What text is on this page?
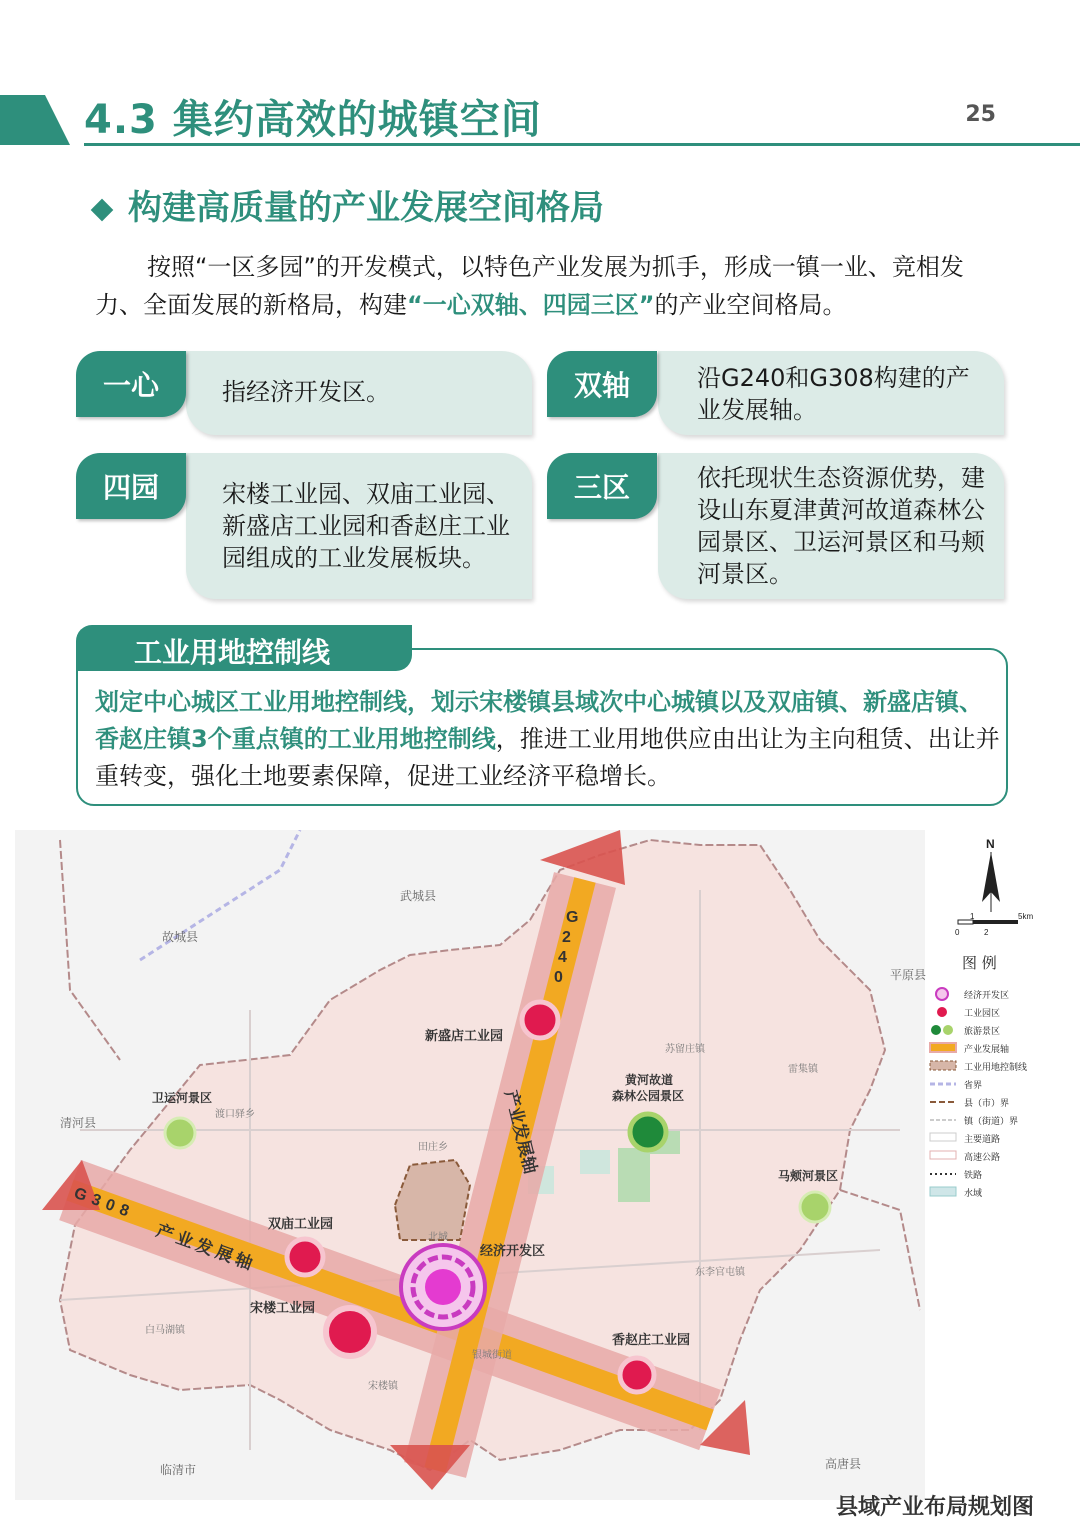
4.3 集约高效的城镇空间	25
构建高质量的产业发展空间格局
按照“一区多园”的开发模式，以特色产业发展为抓手，形成一镇一业、竞相发力、全面发展的新格局，构建“一心双轴、四园三区”的产业空间格局。
一心	指经济开发区。	双轴	沿G240和G308构建的产业发展轴。
四园	宋楼工业园、双庙工业园、新盛店工业园和香赵庄工业园组成的工业发展板块。
三区	依托现状生态资源优势，建设山东夏津黄河故道森林公园景区、卫运河景区和马颊河景区。
工业用地控制线
划定中心城区工业用地控制线，划示宋楼镇县域次中心城镇以及双庙镇、新盛店镇、香赵庄镇3个重点镇的工业用地控制线，推进工业用地供应由出让为主向租赁、出让并重转变，强化土地要素保障，促进工业经济平稳增长。
G
2
4
0
产业发展轴
G308
产业发展轴
新盛店工业园
双庙工业园
宋楼工业园
香赵庄工业园
经济开发区
卫运河景区
黄河故道
森林公园景区
马颊河景区
武城县
故城县
清河县
平原县
临清市	高唐县
渡口驿乡
田庄乡
苏留庄镇
雷集镇
北城
白马湖镇
银城街道
东李官屯镇
宋楼镇
N
0
1
2
5km
图 例
经济开发区
工业园区
旅游景区
产业发展轴
工业用地控制线
省界
县（市）界
镇（街道）界
主要道路
高速公路
铁路
水域
县域产业布局规划图
